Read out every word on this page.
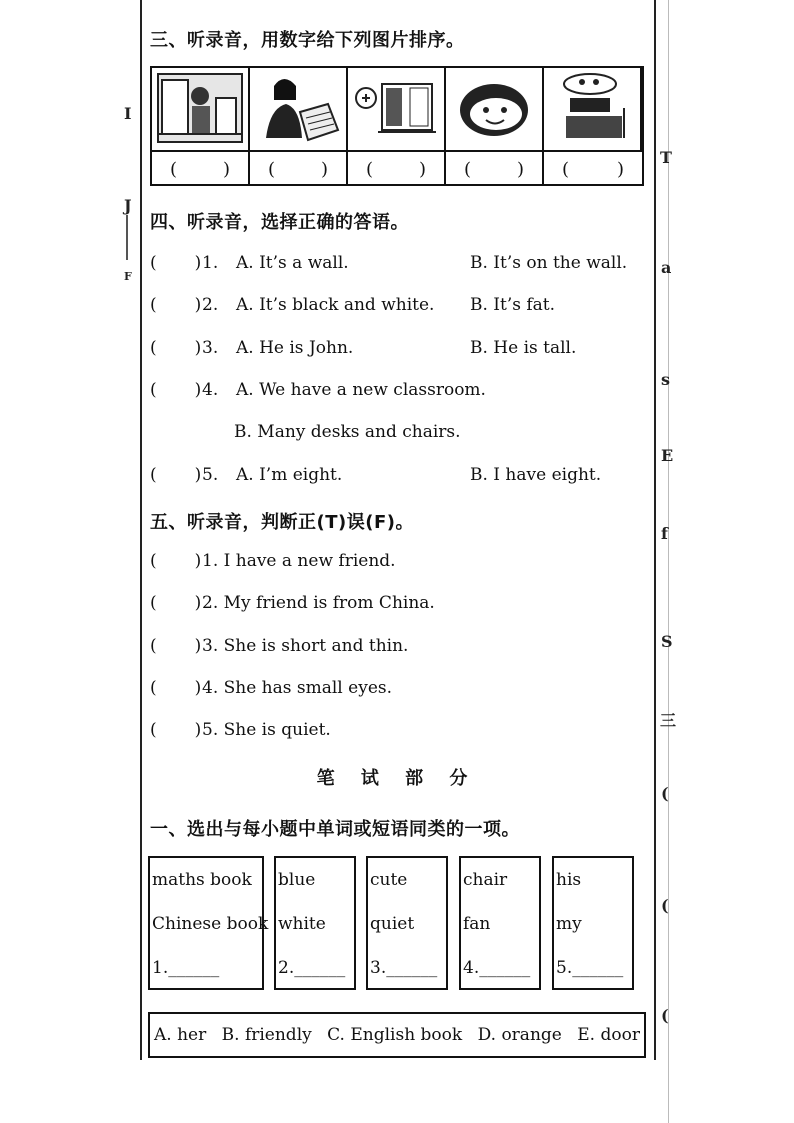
I
J
F
T
a
s
E
f
S
三
(
(
(
三、听录音，用数字给下列图片排序。
(	) (	) (	) (	) (	)
四、听录音，选择正确的答语。
( )1. A. It’s a wall.	B. It’s on the wall.
( )2. A. It’s black and white. B. It’s fat.
( )3. A. He is John.	B. He is tall.
( )4. A. We have a new classroom.
B. Many desks and chairs.
( )5. A. I’m eight.	B. I have eight.
五、听录音，判断正(T)误(F)。
( )1. I have a new friend.
( )2. My friend is from China.
( )3. She is short and thin.
( )4. She has small eyes.
( )5. She is quiet.
笔 试 部 分
一、选出与每小题中单词或短语同类的一项。
maths book
Chinese book
1.______
blue
white
2.______
cute
quiet
3.______
chair
fan
4.______
his
my
5.______
A. her B. friendly C. English book D. orange E. door
